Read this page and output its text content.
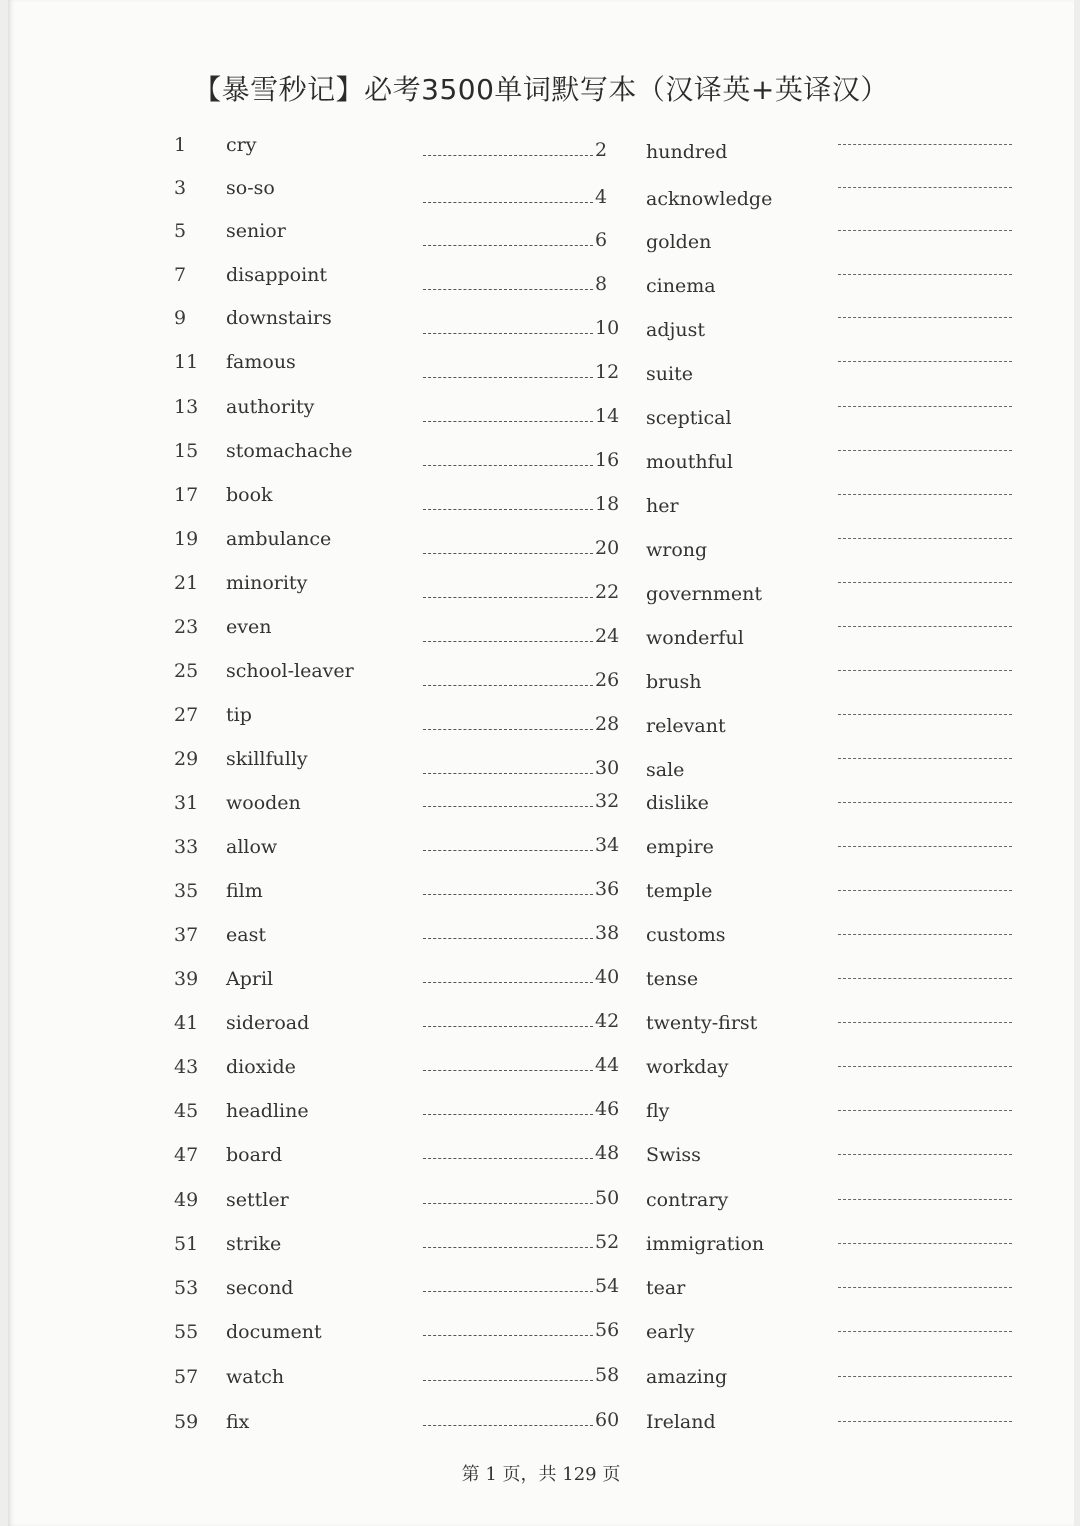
【暴雪秒记】必考3500单词默写本（汉译英+英译汉）
1	cry	2 hundred
3	so-so	4 acknowledge
5	senior	6 golden
7	disappoint	8 cinema
9	downstairs	10 adjust
11	famous	12 suite
13	authority	14 sceptical
15	stomachache	16 mouthful
17	book	18 her
19	ambulance	20 wrong
21	minority	22 government
23	even	24 wonderful
25	school-leaver	26 brush
27	tip	28 relevant
29	skillfully	30 sale
31	wooden	32 dislike
33	allow	34 empire
35	film	36 temple
37	east	38 customs
39	April	40 tense
41	sideroad	42 twenty-first
43	dioxide	44 workday
45	headline	46 fly
47	board	48 Swiss
49	settler	50 contrary
51	strike	52 immigration
53	second	54 tear
55	document	56 early
57	watch	58 amazing
59	fix	60 Ireland
第 1 页，共 129 页
